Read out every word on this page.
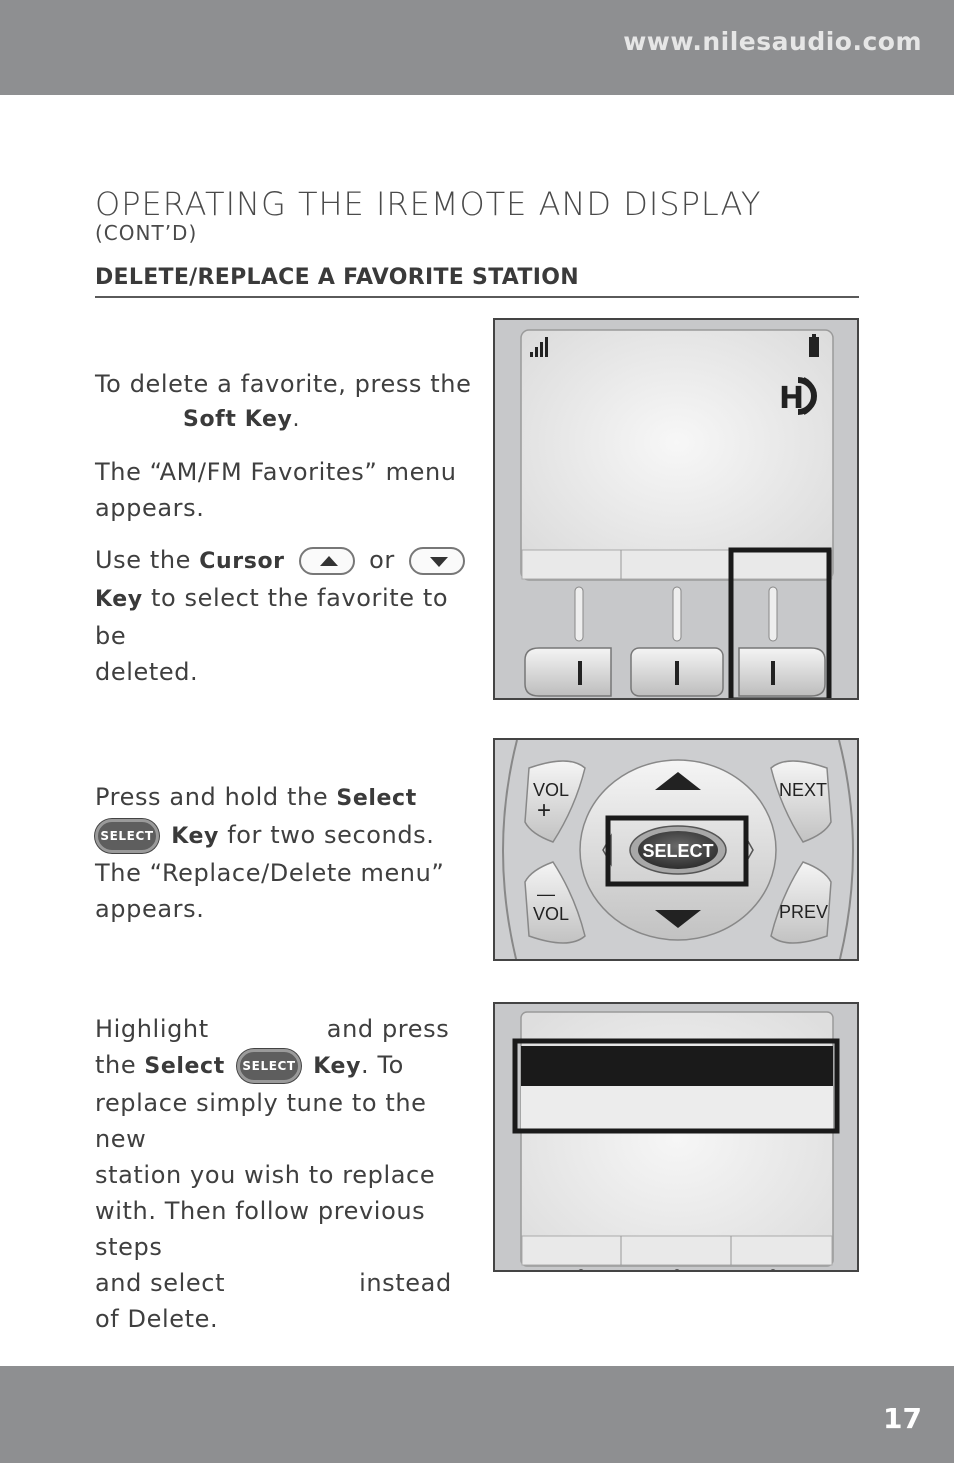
www.nilesaudio.com
OPERATING THE IREMOTE AND DISPLAY
(CONT’D)
DELETE/REPLACE A FAVORITE STATION
To delete a favorite, press the
Soft Key.
The “AM/FM Favorites” menu
appears.
Use the Cursor	or
Key to select the favorite to be
deleted.
H
Press and hold the Select
SELECT Key for two seconds.
The “Replace/Delete menu”
appears.
VOL
+
—
VOL
NEXT
PREV
SELECT
Highlight	and press
the Select SELECT Key. To
replace simply tune to the new
station you wish to replace
with. Then follow previous steps
and select	instead
of Delete.
17
